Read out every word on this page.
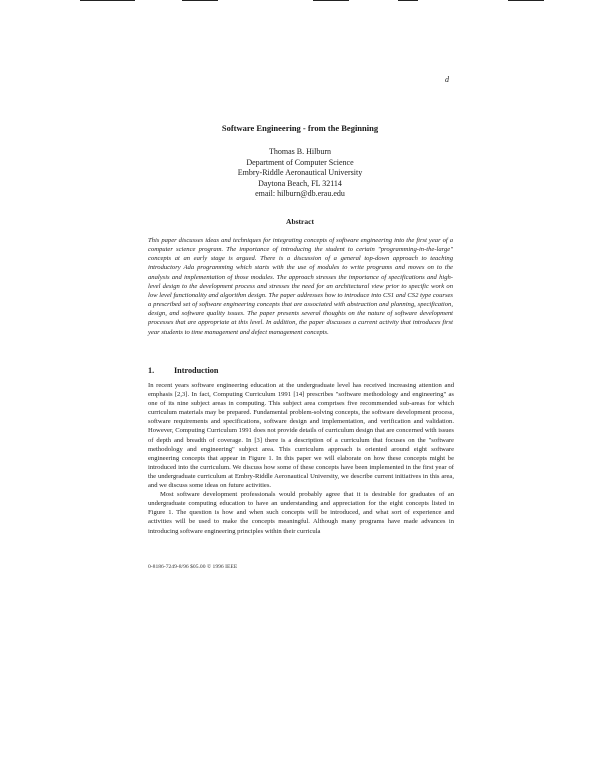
d
Software Engineering - from the Beginning
Thomas B. Hilburn
Department of Computer Science
Embry-Riddle Aeronautical University
Daytona Beach, FL 32114
email: hilburn@db.erau.edu
Abstract
This paper discusses ideas and techniques for integrating concepts of software engineering into the first year of a computer science program. The importance of introducing the student to certain "programming-in-the-large" concepts at an early stage is argued. There is a discussion of a general top-down approach to teaching introductory Ada programming which starts with the use of modules to write programs and moves on to the analysis and implementation of those modules. The approach stresses the importance of specifications and high-level design to the development process and stresses the need for an architectural view prior to specific work on low level functionality and algorithm design. The paper addresses how to introduce into CS1 and CS2 type courses a prescribed set of software engineering concepts that are associated with abstraction and planning, specification, design, and software quality issues. The paper presents several thoughts on the nature of software development processes that are appropriate at this level. In addition, the paper discusses a current activity that introduces first year students to time management and defect management concepts.
1. Introduction

In recent years software engineering education at the undergraduate level has received increasing attention and emphasis [2,3]. In fact, Computing Curriculum 1991 [14] prescribes "software methodology and engineering" as one of its nine subject areas in computing. This subject area comprises five recommended sub-areas for which curriculum materials may be prepared. Fundamental problem-solving concepts, the software development process, software requirements and specifications, software design and implementation, and verification and validation. However, Computing Curriculum 1991 does not provide details of curriculum design that are concerned with issues of depth and breadth of coverage. In [3] there is a description of a curriculum that focuses on the "software methodology and engineering" subject area. This curriculum approach is oriented around eight software engineering concepts that appear in Figure 1. In this paper we will elaborate on how these concepts might be introduced into the curriculum. We discuss how some of these concepts have been implemented in the first year of the undergraduate curriculum at Embry-Riddle Aeronautical University, we describe current initiatives in this area, and we discuss some ideas on future activities.

Most software development professionals would probably agree that it is desirable for graduates of an undergraduate computing education to have an understanding and appreciation for the eight concepts listed in Figure 1. The question is how and when such concepts will be introduced, and what sort of experience and activities will be used to make the concepts meaningful. Although many programs have made advances in introducing software engineering principles within their curricula

0-8186-7249-8/96 $05.00 © 1996 IEEE
